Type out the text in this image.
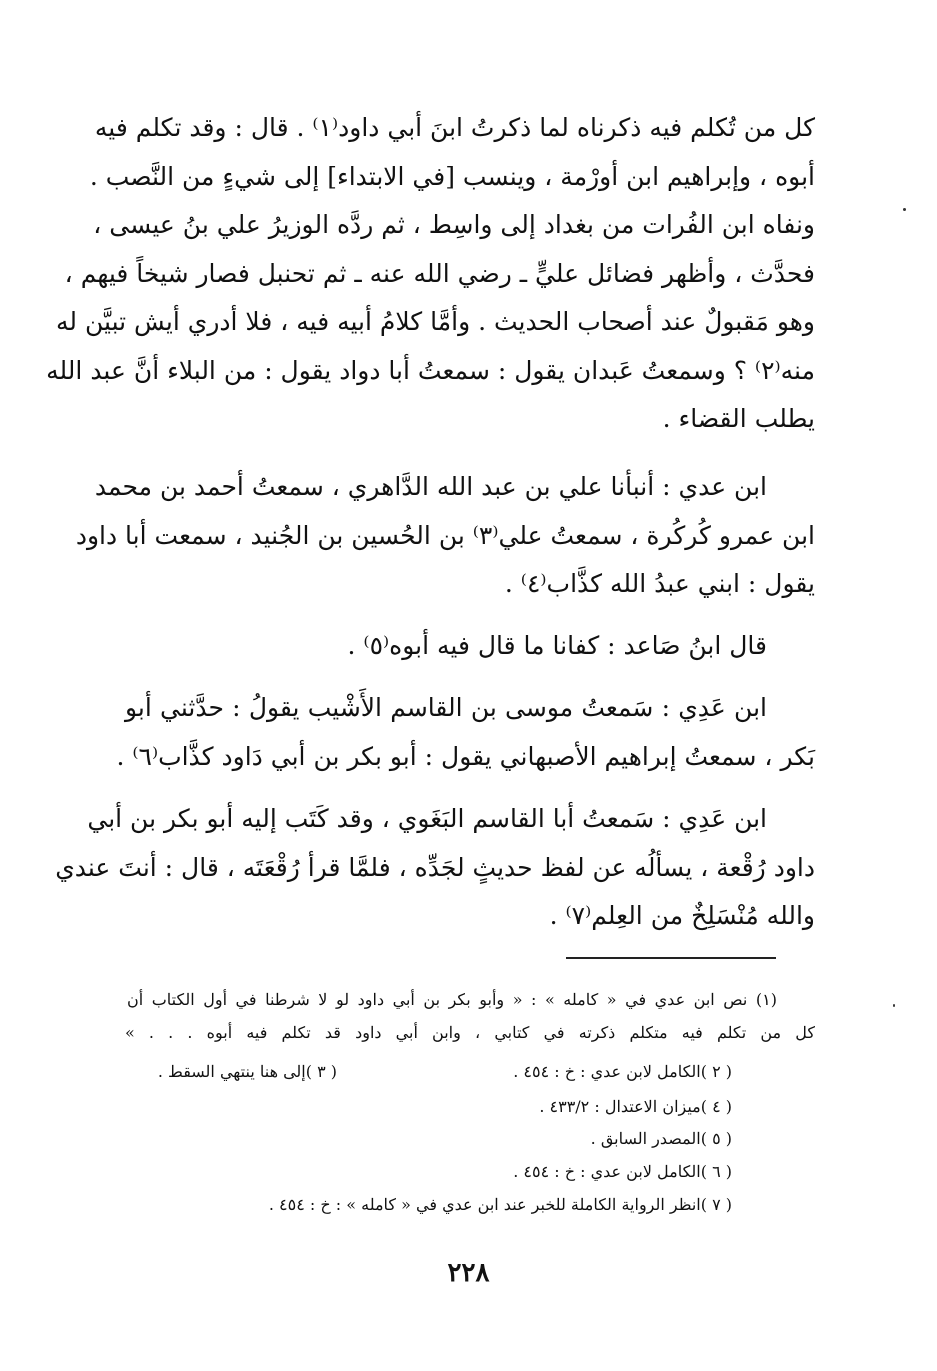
كل من تُكلم فيه ذكرناه لما ذكرتُ ابنَ أبي داود⁽١⁾ . قال : وقد تكلم فيه
أبوه ، وإبراهيم ابن أورْمة ، وينسب [في الابتداء] إلى شيءٍ من النَّصب .
ونفاه ابن الفُرات من بغداد إلى واسِط ، ثم ردَّه الوزيرُ علي بنُ عيسى ،
فحدَّث ، وأظهر فضائل عليٍّ ـ رضي الله عنه ـ ثم تحنبل فصار شيخاً فيهم ،
وهو مَقبولٌ عند أصحاب الحديث . وأمَّا كلامُ أبيه فيه ، فلا أدري أيش تبيَّن له
منه⁽٢⁾ ؟ وسمعتُ عَبدان يقول : سمعتُ أبا دواد يقول : من البلاء أنَّ عبد الله
يطلب القضاء .
ابن عدي : أنبأنا علي بن عبد الله الدَّاهري ، سمعتُ أحمد بن محمد
ابن عمرو كُركُرة ، سمعتُ علي⁽٣⁾ بن الحُسين بن الجُنيد ، سمعت أبا داود
يقول : ابني عبدُ الله كذَّاب⁽٤⁾ .
قال ابنُ صَاعد : كفانا ما قال فيه أبوه⁽٥⁾ .
ابن عَدِي : سَمعتُ موسى بن القاسم الأَشْيب يقولُ : حدَّثني أبو
بَكر ، سمعتُ إبراهيم الأصبهاني يقول : أبو بكر بن أبي دَاود كذَّاب⁽٦⁾ .
ابن عَدِي : سَمعتُ أبا القاسم البَغَوي ، وقد كَتَب إليه أبو بكر بن أبي
داود رُقْعة ، يسألُه عن لفظ حديثٍ لجَدِّه ، فلمَّا قرأ رُقْعَتَه ، قال : أنتَ عندي
والله مُنْسَلِخٌ من العِلم⁽٧⁾ .
(١) نص ابن عدي في « كامله » : « وأبو بكر بن أبي داود لو لا شرطنا في أول الكتاب أن
كل من تكلم فيه متكلم ذكرته في كتابي ، وابن أبي داود قد تكلم فيه أبوه . . . »
( ٢ )الكامل لابن عدي : خ : ٤٥٤ .
( ٣ )إلى هنا ينتهي السقط .
( ٤ )ميزان الاعتدال : ٤٣٣/٢ .
( ٥ )المصدر السابق .
( ٦ )الكامل لابن عدي : خ : ٤٥٤ .
( ٧ )انظر الرواية الكاملة للخبر عند ابن عدي في « كامله » : خ : ٤٥٤ .
٢٢٨
